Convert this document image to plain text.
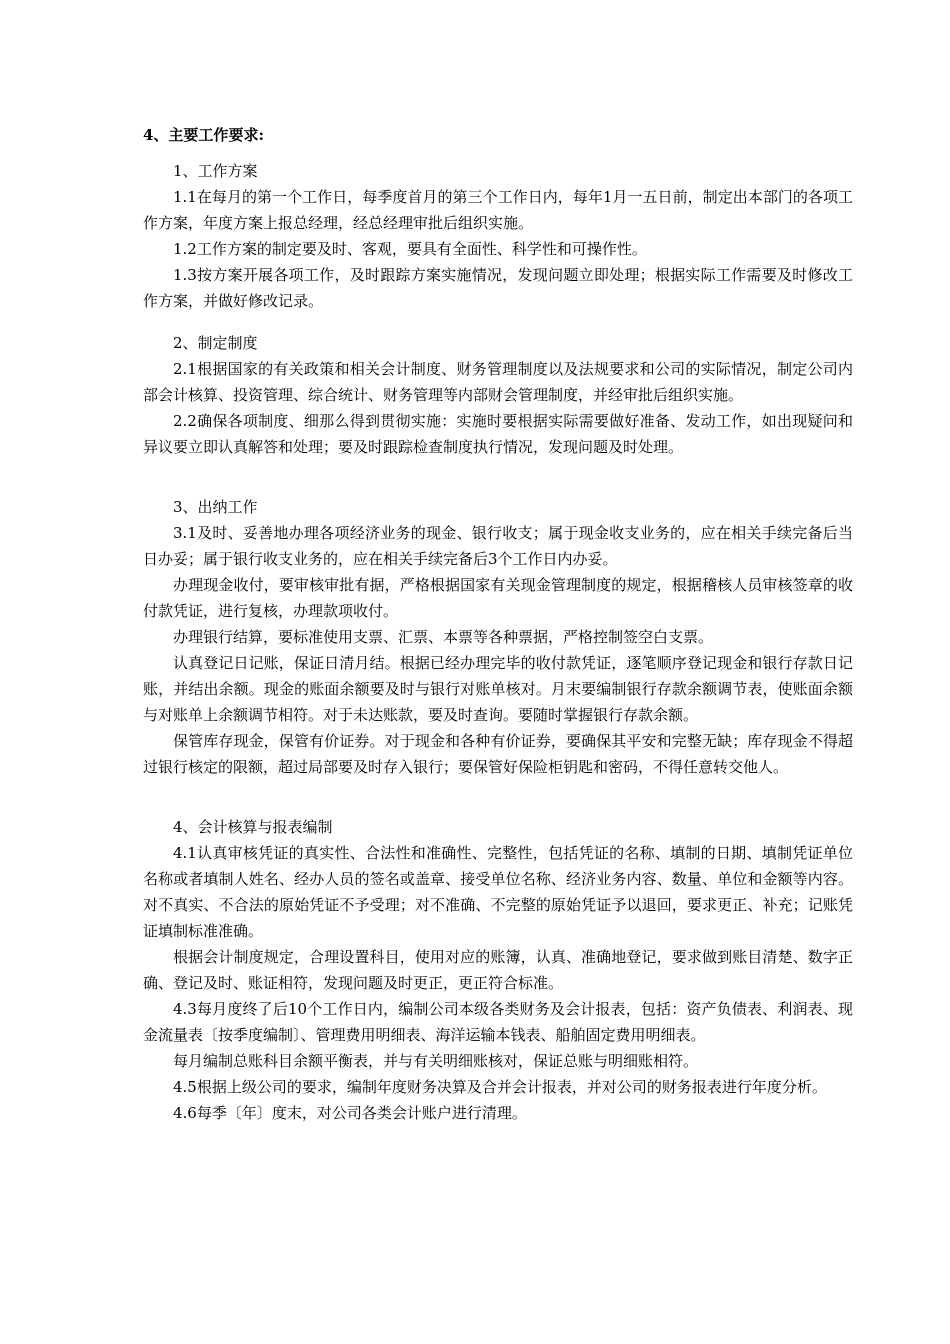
4、主要工作要求:

1、工作方案

1.1在每月的第一个工作日，每季度首月的第三个工作日内，每年1月一五日前，制定出本部门的各项工作方案，年度方案上报总经理，经总经理审批后组织实施。

1.2工作方案的制定要及时、客观，要具有全面性、科学性和可操作性。

1.3按方案开展各项工作，及时跟踪方案实施情况，发现问题立即处理；根据实际工作需要及时修改工作方案，并做好修改记录。

2、制定制度

2.1根据国家的有关政策和相关会计制度、财务管理制度以及法规要求和公司的实际情况，制定公司内部会计核算、投资管理、综合统计、财务管理等内部财会管理制度，并经审批后组织实施。

2.2确保各项制度、细那么得到贯彻实施：实施时要根据实际需要做好准备、发动工作，如出现疑问和异议要立即认真解答和处理；要及时跟踪检查制度执行情况，发现问题及时处理。

3、出纳工作

3.1及时、妥善地办理各项经济业务的现金、银行收支；属于现金收支业务的，应在相关手续完备后当日办妥；属于银行收支业务的，应在相关手续完备后3个工作日内办妥。

办理现金收付，要审核审批有据，严格根据国家有关现金管理制度的规定，根据稽核人员审核签章的收付款凭证，进行复核，办理款项收付。

办理银行结算，要标准使用支票、汇票、本票等各种票据，严格控制签空白支票。

认真登记日记账，保证日清月结。根据已经办理完毕的收付款凭证，逐笔顺序登记现金和银行存款日记账，并结出余额。现金的账面余额要及时与银行对账单核对。月末要编制银行存款余额调节表，使账面余额与对账单上余额调节相符。对于未达账款，要及时查询。要随时掌握银行存款余额。

保管库存现金，保管有价证券。对于现金和各种有价证券，要确保其平安和完整无缺；库存现金不得超过银行核定的限额，超过局部要及时存入银行；要保管好保险柜钥匙和密码，不得任意转交他人。

4、会计核算与报表编制

4.1认真审核凭证的真实性、合法性和准确性、完整性，包括凭证的名称、填制的日期、填制凭证单位名称或者填制人姓名、经办人员的签名或盖章、接受单位名称、经济业务内容、数量、单位和金额等内容。对不真实、不合法的原始凭证不予受理；对不准确、不完整的原始凭证予以退回，要求更正、补充；记账凭证填制标准准确。

根据会计制度规定，合理设置科目，使用对应的账簿，认真、准确地登记，要求做到账目清楚、数字正确、登记及时、账证相符，发现问题及时更正，更正符合标准。

4.3每月度终了后10个工作日内，编制公司本级各类财务及会计报表，包括：资产负债表、利润表、现金流量表〔按季度编制〕、管理费用明细表、海洋运输本钱表、船舶固定费用明细表。

每月编制总账科目余额平衡表，并与有关明细账核对，保证总账与明细账相符。

4.5根据上级公司的要求，编制年度财务决算及合并会计报表，并对公司的财务报表进行年度分析。

4.6每季〔年〕度末，对公司各类会计账户进行清理。
